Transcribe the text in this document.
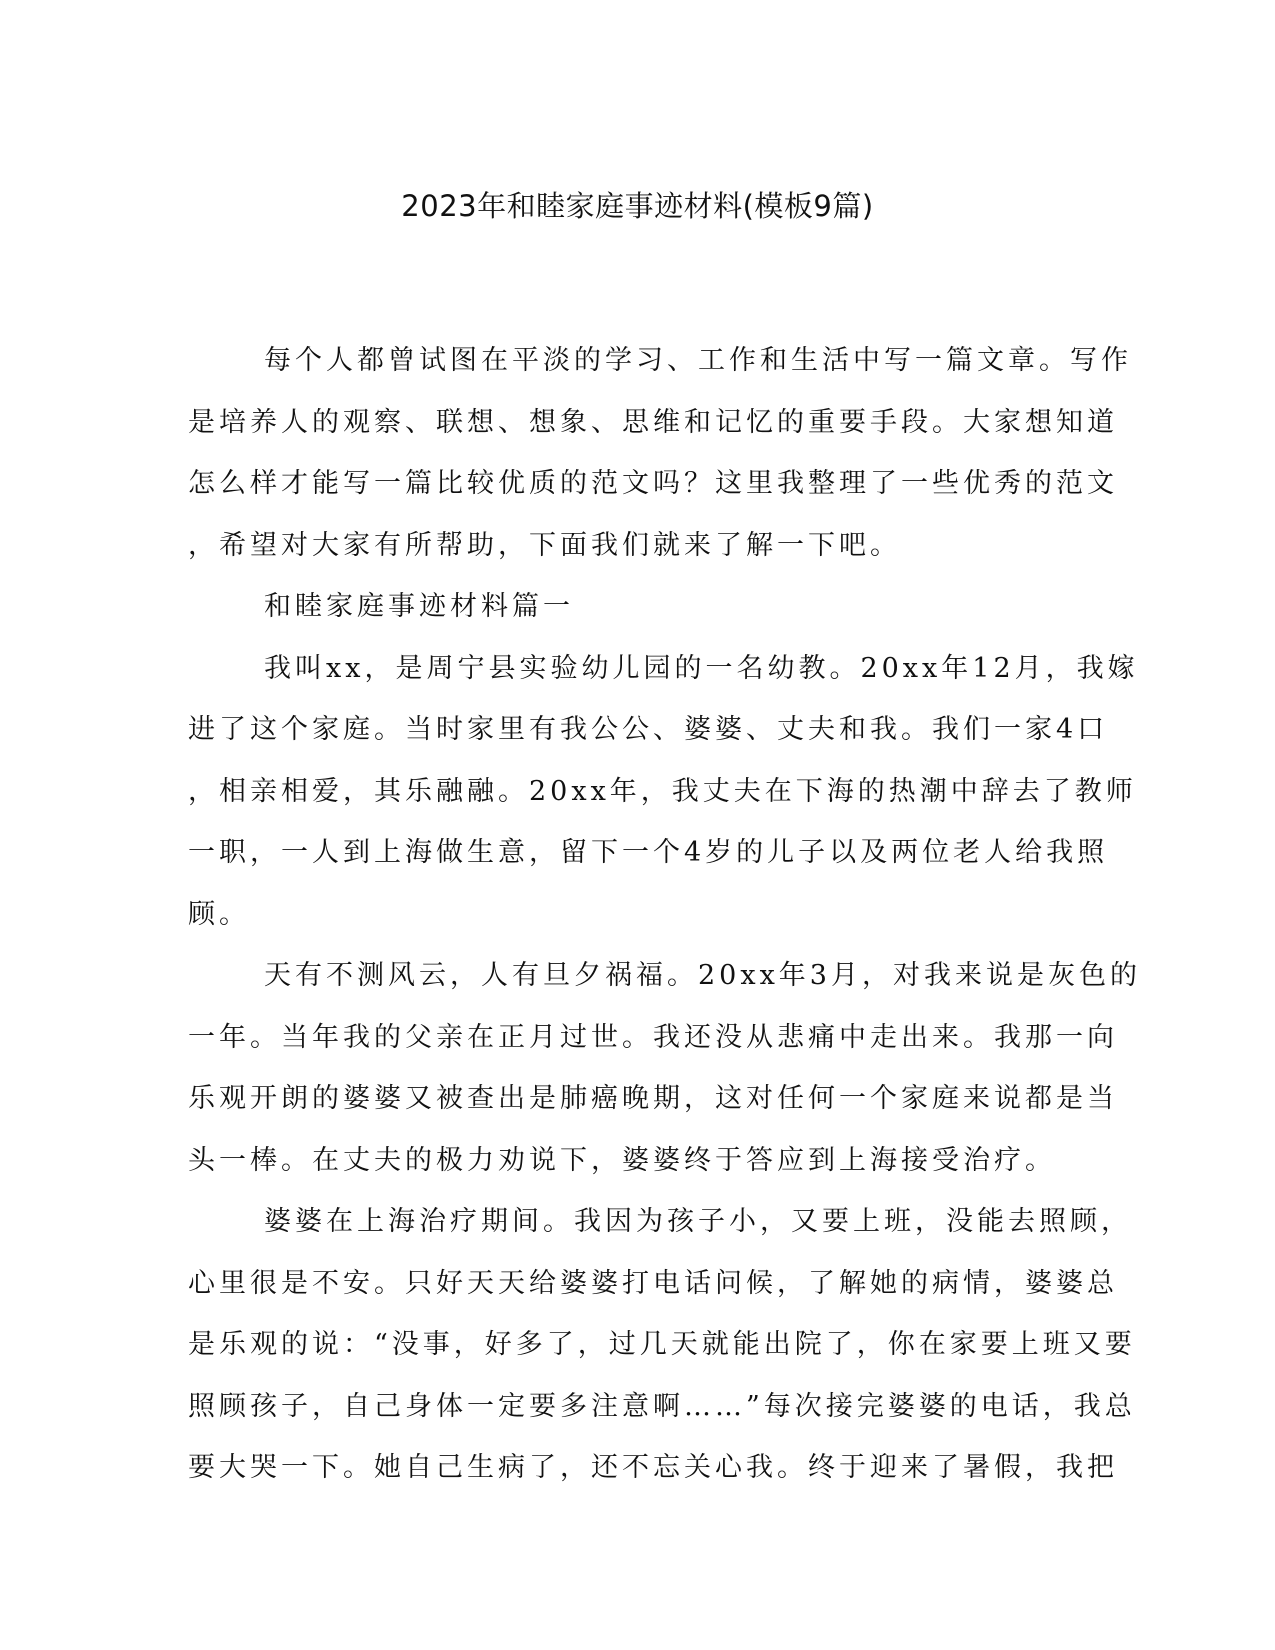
2023年和睦家庭事迹材料(模板9篇)
每个人都曾试图在平淡的学习、工作和生活中写一篇文章。写作
是培养人的观察、联想、想象、思维和记忆的重要手段。大家想知道
怎么样才能写一篇比较优质的范文吗？这里我整理了一些优秀的范文
，希望对大家有所帮助，下面我们就来了解一下吧。
和睦家庭事迹材料篇一
我叫xx，是周宁县实验幼儿园的一名幼教。20xx年12月，我嫁
进了这个家庭。当时家里有我公公、婆婆、丈夫和我。我们一家4口
，相亲相爱，其乐融融。20xx年，我丈夫在下海的热潮中辞去了教师
一职，一人到上海做生意，留下一个4岁的儿子以及两位老人给我照
顾。
天有不测风云，人有旦夕祸福。20xx年3月，对我来说是灰色的
一年。当年我的父亲在正月过世。我还没从悲痛中走出来。我那一向
乐观开朗的婆婆又被查出是肺癌晚期，这对任何一个家庭来说都是当
头一棒。在丈夫的极力劝说下，婆婆终于答应到上海接受治疗。
婆婆在上海治疗期间。我因为孩子小，又要上班，没能去照顾，
心里很是不安。只好天天给婆婆打电话问候，了解她的病情，婆婆总
是乐观的说：“没事，好多了，过几天就能出院了，你在家要上班又要
照顾孩子，自己身体一定要多注意啊……”每次接完婆婆的电话，我总
要大哭一下。她自己生病了，还不忘关心我。终于迎来了暑假，我把
